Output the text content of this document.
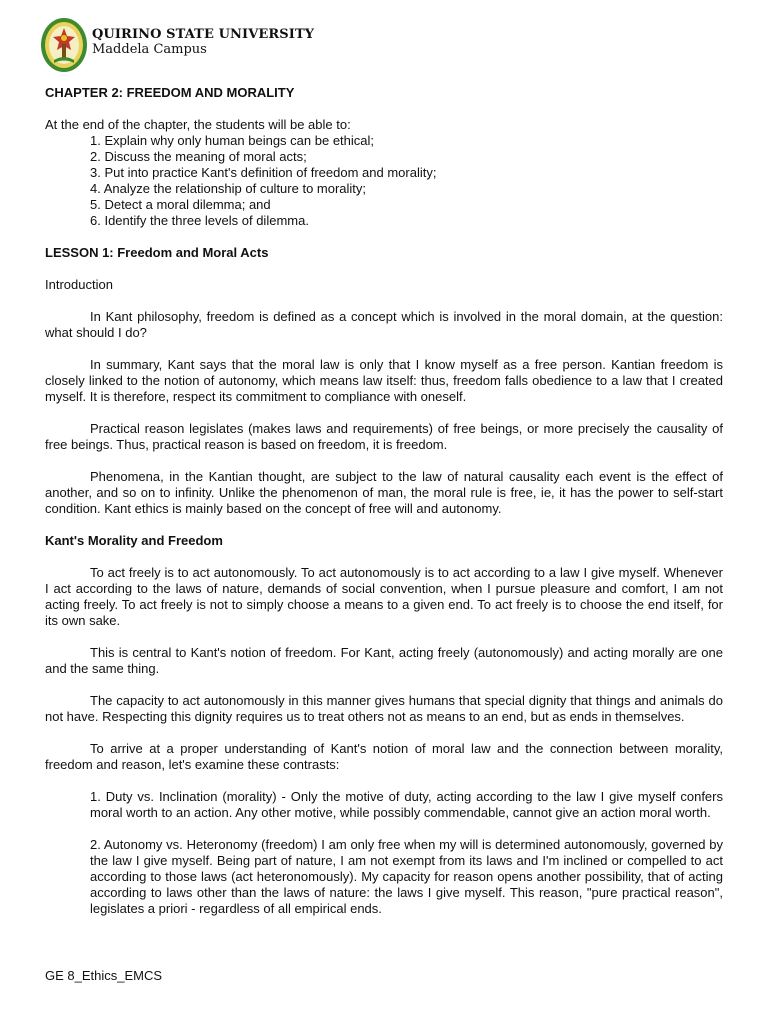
QUIRINO STATE UNIVERSITY
Maddela Campus
CHAPTER 2: FREEDOM AND MORALITY

At the end of the chapter, the students will be able to:

1. Explain why only human beings can be ethical;
2. Discuss the meaning of moral acts;
3. Put into practice Kant's definition of freedom and morality;
4. Analyze the relationship of culture to morality;
5. Detect a moral dilemma; and
6. Identify the three levels of dilemma.

LESSON 1: Freedom and Moral Acts

Introduction

In Kant philosophy, freedom is defined as a concept which is involved in the moral domain, at the question: what should I do?

In summary, Kant says that the moral law is only that I know myself as a free person. Kantian freedom is closely linked to the notion of autonomy, which means law itself: thus, freedom falls obedience to a law that I created myself. It is therefore, respect its commitment to compliance with oneself.

Practical reason legislates (makes laws and requirements) of free beings, or more precisely the causality of free beings. Thus, practical reason is based on freedom, it is freedom.

Phenomena, in the Kantian thought, are subject to the law of natural causality each event is the effect of another, and so on to infinity. Unlike the phenomenon of man, the moral rule is free, ie, it has the power to self-start condition. Kant ethics is mainly based on the concept of free will and autonomy.

Kant's Morality and Freedom

To act freely is to act autonomously. To act autonomously is to act according to a law I give myself. Whenever I act according to the laws of nature, demands of social convention, when I pursue pleasure and comfort, I am not acting freely. To act freely is not to simply choose a means to a given end. To act freely is to choose the end itself, for its own sake.

This is central to Kant's notion of freedom. For Kant, acting freely (autonomously) and acting morally are one and the same thing.

The capacity to act autonomously in this manner gives humans that special dignity that things and animals do not have. Respecting this dignity requires us to treat others not as means to an end, but as ends in themselves.

To arrive at a proper understanding of Kant's notion of moral law and the connection between morality, freedom and reason, let's examine these contrasts:

1. Duty vs. Inclination (morality) - Only the motive of duty, acting according to the law I give myself confers moral worth to an action. Any other motive, while possibly commendable, cannot give an action moral worth.

2. Autonomy vs. Heteronomy (freedom) I am only free when my will is determined autonomously, governed by the law I give myself. Being part of nature, I am not exempt from its laws and I'm inclined or compelled to act according to those laws (act heteronomously). My capacity for reason opens another possibility, that of acting according to laws other than the laws of nature: the laws I give myself. This reason, "pure practical reason", legislates a priori - regardless of all empirical ends.

GE 8_Ethics_EMCS
